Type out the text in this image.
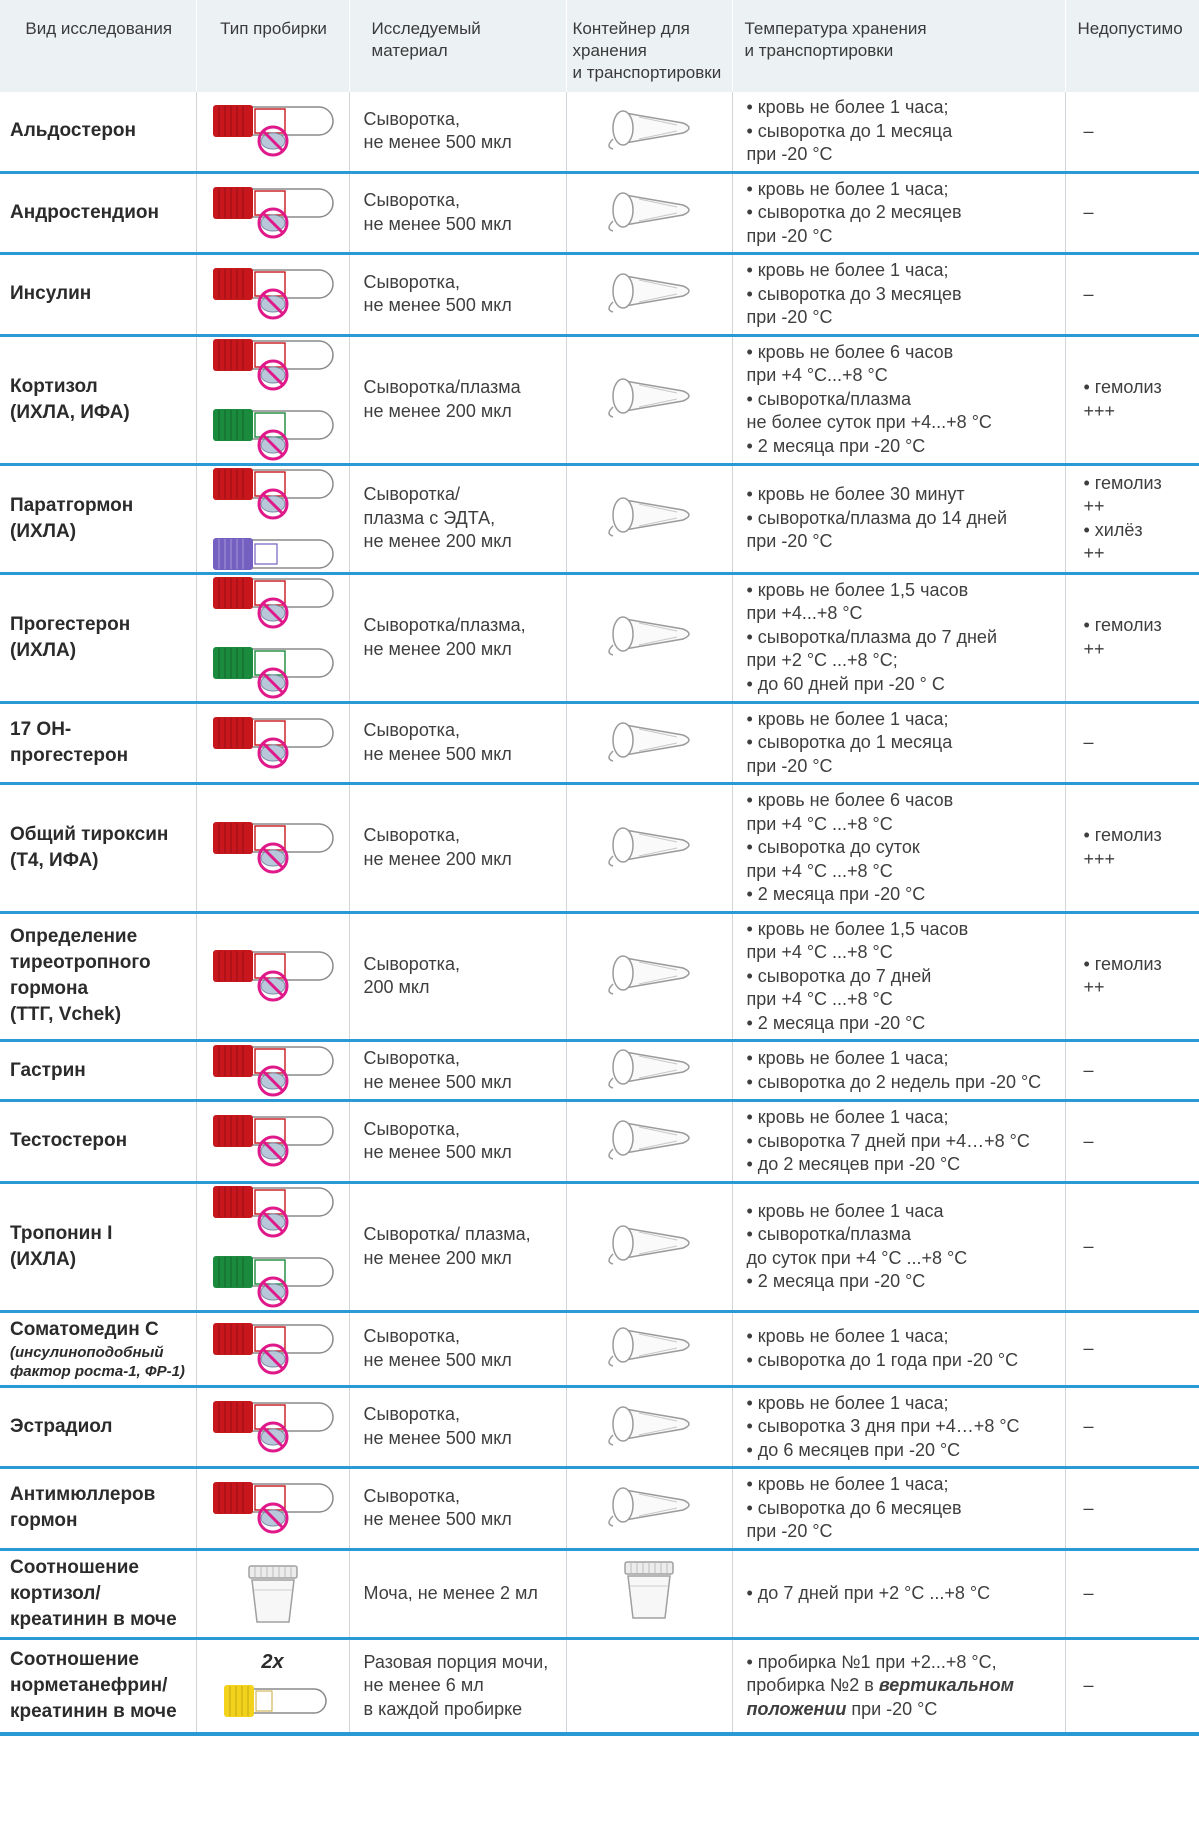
Вид исследования	Тип пробирки	Исследуемый
материал	Контейнер для
хранения
и транспортировки	Температура хранения
и транспортировки	Недопустимо

Альдостерон		Сыворотка,
не менее 500 мкл		• кровь не более 1 часа;
• сыворотка до 1 месяца
при -20 °С	–

Андростендион		Сыворотка,
не менее 500 мкл		• кровь не более 1 часа;
• сыворотка до 2 месяцев
при -20 °С	–

Инсулин		Сыворотка,
не менее 500 мкл		• кровь не более 1 часа;
• сыворотка до 3 месяцев
при -20 °С	–

Кортизол
(ИХЛА, ИФА)		Сыворотка/плазма
не менее 200 мкл		• кровь не более 6 часов
при +4 °С...+8 °С
• сыворотка/плазма
не более суток при +4...+8 °С
• 2 месяца при -20 °С	• гемолиз
+++

Паратгормон
(ИХЛА)		Сыворотка/
плазма с ЭДТА,
не менее 200 мкл		• кровь не более 30 минут
• сыворотка/плазма до 14 дней
при -20 °С	• гемолиз
++
• хилёз
++

Прогестерон
(ИХЛА)		Сыворотка/плазма,
не менее 200 мкл		• кровь не более 1,5 часов
при +4...+8 °С
• сыворотка/плазма до 7 дней
при +2 °С ...+8 °С;
• до 60 дней при -20 ° С	• гемолиз
++

17 ОН-
прогестерон		Сыворотка,
не менее 500 мкл		• кровь не более 1 часа;
• сыворотка до 1 месяца
при -20 °С	–

Общий тироксин
(Т4, ИФА)		Сыворотка,
не менее 200 мкл		• кровь не более 6 часов
при +4 °С ...+8 °С
• сыворотка до суток
при +4 °С ...+8 °С
• 2 месяца при -20 °С	• гемолиз
+++

Определение
тиреотропного
гормона
(ТТГ, Vchek)		Сыворотка,
200 мкл		• кровь не более 1,5 часов
при +4 °С ...+8 °С
• сыворотка до 7 дней
при +4 °С ...+8 °С
• 2 месяца при -20 °С	• гемолиз
++

Гастрин		Сыворотка,
не менее 500 мкл		• кровь не более 1 часа;
• сыворотка до 2 недель при -20 °С	–

Тестостерон		Сыворотка,
не менее 500 мкл		• кровь не более 1 часа;
• сыворотка 7 дней при +4…+8 °С
• до 2 месяцев при -20 °С	–

Тропонин I
(ИХЛА)		Сыворотка/ плазма,
не менее 200 мкл		• кровь не более 1 часа
• сыворотка/плазма
до суток при +4 °С ...+8 °С
• 2 месяца при -20 °С	–

Соматомедин С
(инсулиноподобный
фактор роста-1, ФР-1)		Сыворотка,
не менее 500 мкл		• кровь не более 1 часа;
• сыворотка до 1 года при -20 °С	–

Эстрадиол		Сыворотка,
не менее 500 мкл		• кровь не более 1 часа;
• сыворотка 3 дня при +4…+8 °С
• до 6 месяцев при -20 °С	–

Антимюллеров
гормон		Сыворотка,
не менее 500 мкл		• кровь не более 1 часа;
• сыворотка до 6 месяцев
при -20 °С	–

Соотношение
кортизол/
креатинин в моче		Моча, не менее 2 мл		• до 7 дней при +2 °С ...+8 °С	–

Соотношение
норметанефрин/
креатинин в моче	2x	Разовая порция мочи,
не менее 6 мл
в каждой пробирке		• пробирка №1 при +2...+8 °С,
пробирка №2 в вертикальном
положении при -20 °С	–
